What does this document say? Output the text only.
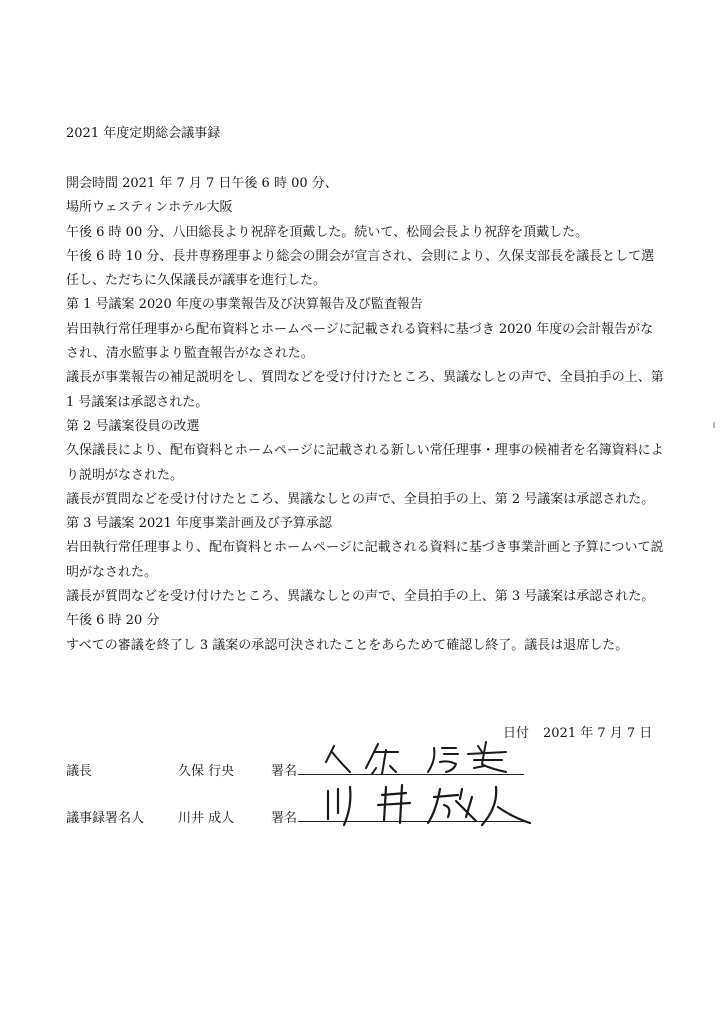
2021 年度定期総会議事録

開会時間 2021 年 7 月 7 日午後 6 時 00 分、

場所ウェスティンホテル大阪

午後 6 時 00 分、八田総長より祝辞を頂戴した。続いて、松岡会長より祝辞を頂戴した。

午後 6 時 10 分、長井専務理事より総会の開会が宣言され、会則により、久保支部長を議長として選任し、ただちに久保議長が議事を進行した。

第 1 号議案 2020 年度の事業報告及び決算報告及び監査報告

岩田執行常任理事から配布資料とホームページに記載される資料に基づき 2020 年度の会計報告がなされ、清水監事より監査報告がなされた。

議長が事業報告の補足説明をし、質問などを受け付けたところ、異議なしとの声で、全員拍手の上、第 1 号議案は承認された。

第 2 号議案役員の改選

久保議長により、配布資料とホームページに記載される新しい常任理事・理事の候補者を名簿資料により説明がなされた。

議長が質問などを受け付けたところ、異議なしとの声で、全員拍手の上、第 2 号議案は承認された。

第 3 号議案 2021 年度事業計画及び予算承認

岩田執行常任理事より、配布資料とホームページに記載される資料に基づき事業計画と予算について説明がなされた。

議長が質問などを受け付けたところ、異議なしとの声で、全員拍手の上、第 3 号議案は承認された。

午後 6 時 20 分

すべての審議を終了し 3 議案の承認可決されたことをあらためて確認し終了。議長は退席した。

日付 2021 年 7 月 7 日
議長	久保 行央	署名
議事録署名人	川井 成人	署名
